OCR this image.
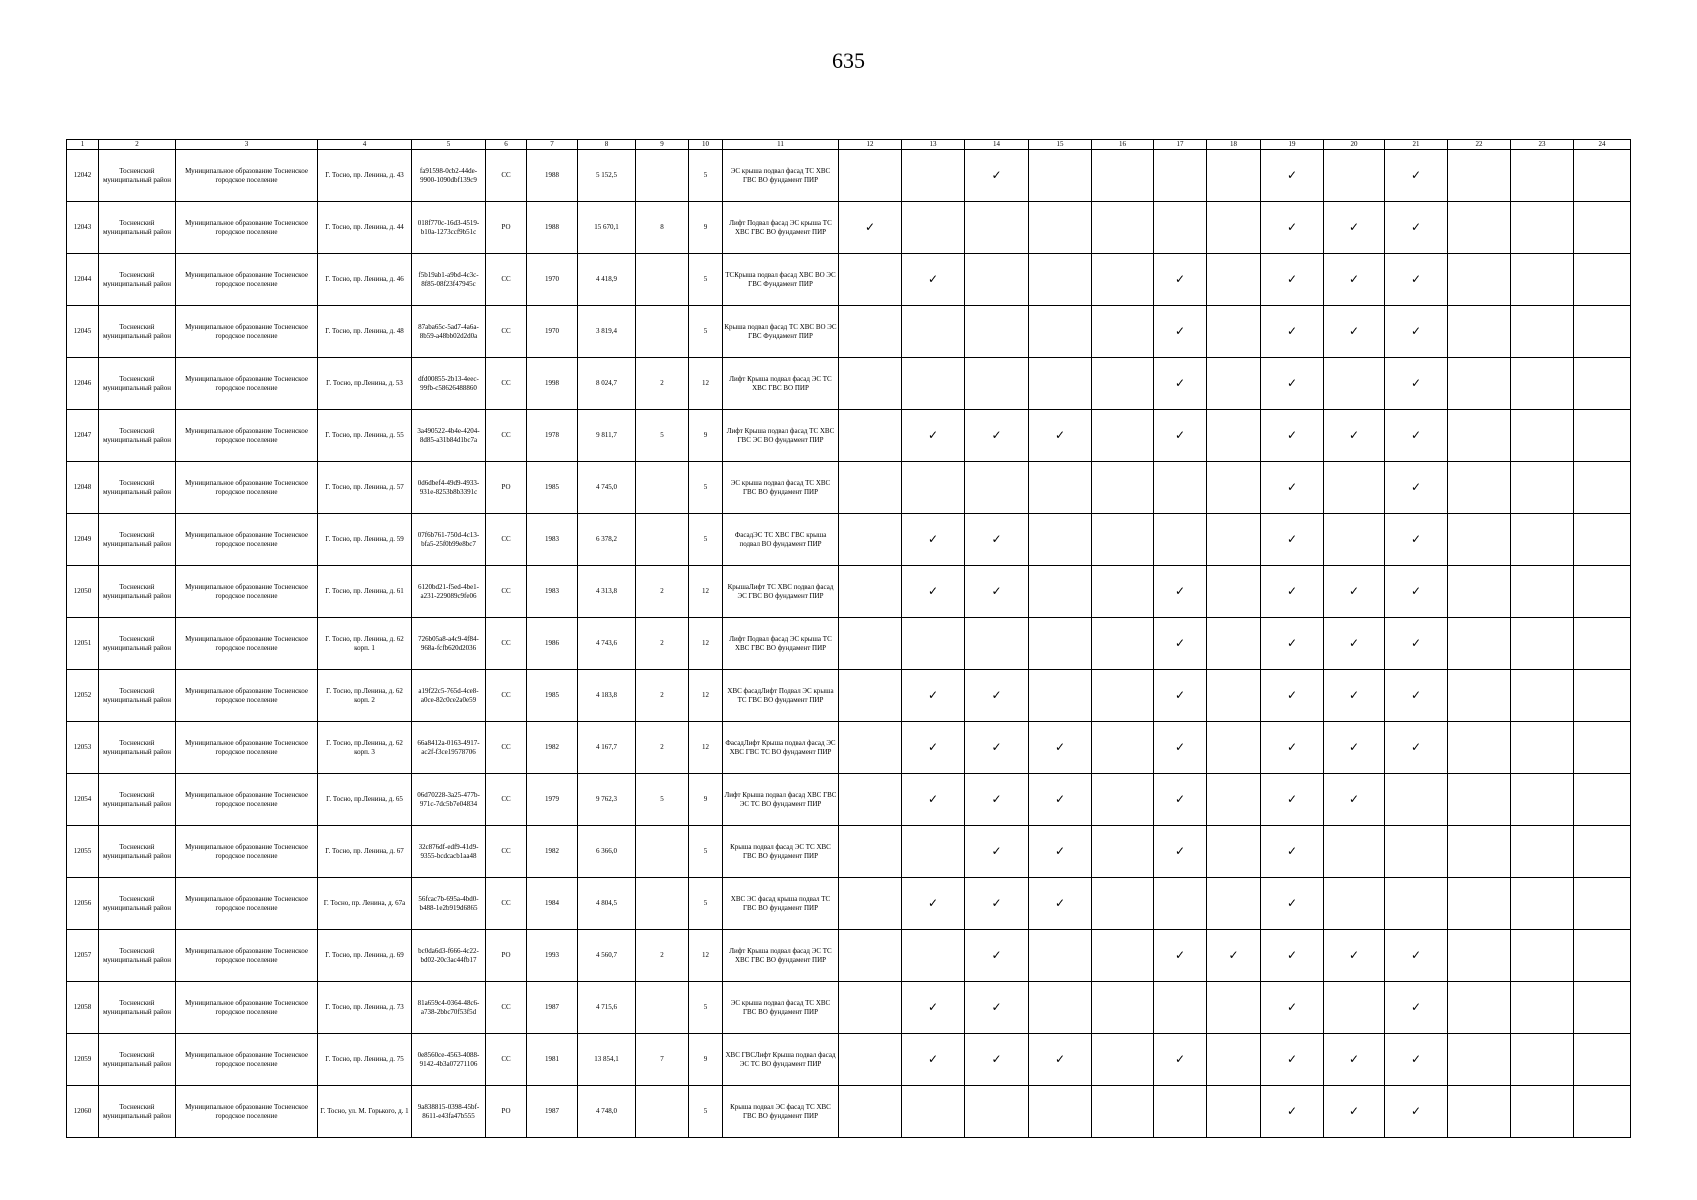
635
1	2	3	4	5	6	7	8	9	10	11	12	13	14	15	16	17	18	19	20	21	22	23	24
12042	Тосненский муниципальный район	Муниципальное образование Тосненское городское поселение	Г. Тосно, пр. Ленина, д. 43	fa91598-0cb2-44de-9900-1090dbf139c9	СС	1988	5 152,5		5	ЭС крыша подвал фасад ТС ХВС ГВС ВО фундамент ПИР			✓					✓		✓			
12043	Тосненский муниципальный район	Муниципальное образование Тосненское городское поселение	Г. Тосно, пр. Ленина, д. 44	018f770c-16d3-4519-b10a-1273ccf9b51c	РО	1988	15 670,1	8	9	Лифт Подвал фасад ЭС крыша ТС ХВС ГВС ВО фундамент ПИР	✓							✓	✓	✓			
12044	Тосненский муниципальный район	Муниципальное образование Тосненское городское поселение	Г. Тосно, пр. Ленина, д. 46	f5b19ab1-a9bd-4c3c-8f85-08f23f47945c	СС	1970	4 418,9		5	ТСКрыша подвал фасад ХВС ВО ЭС ГВС Фундамент ПИР		✓				✓		✓	✓	✓			
12045	Тосненский муниципальный район	Муниципальное образование Тосненское городское поселение	Г. Тосно, пр. Ленина, д. 48	87aba65c-5ad7-4a6a-8b59-a48bb02d2d0a	СС	1970	3 819,4		5	Крыша подвал фасад ТС ХВС ВО ЭС ГВС Фундамент ПИР						✓		✓	✓	✓			
12046	Тосненский муниципальный район	Муниципальное образование Тосненское городское поселение	Г. Тосно, пр.Ленина, д. 53	dfd00855-2b13-4eec-99fb-c58626488860	СС	1998	8 024,7	2	12	Лифт Крыша подвал фасад ЭС ТС ХВС ГВС ВО ПИР						✓		✓		✓			
12047	Тосненский муниципальный район	Муниципальное образование Тосненское городское поселение	Г. Тосно, пр. Ленина, д. 55	3a490522-4b4e-4204-8d85-a31b84d1bc7a	СС	1978	9 811,7	5	9	Лифт Крыша подвал фасад ТС ХВС ГВС ЭС ВО фундамент ПИР		✓	✓	✓		✓		✓	✓	✓			
12048	Тосненский муниципальный район	Муниципальное образование Тосненское городское поселение	Г. Тосно, пр. Ленина, д. 57	0d6dbef4-49d9-4933-931e-8253b8b3391c	РО	1985	4 745,0		5	ЭС крыша подвал фасад ТС ХВС ГВС ВО фундамент ПИР								✓		✓			
12049	Тосненский муниципальный район	Муниципальное образование Тосненское городское поселение	Г. Тосно, пр. Ленина, д. 59	07f6b761-750d-4c13-bfa5-25f0b99e8bc7	СС	1983	6 378,2		5	ФасадЭС ТС ХВС ГВС крыша подвал ВО фундамент ПИР		✓	✓					✓		✓			
12050	Тосненский муниципальный район	Муниципальное образование Тосненское городское поселение	Г. Тосно, пр. Ленина, д. 61	6120bd21-f5ed-4be1-a231-229089c9fe06	СС	1983	4 313,8	2	12	КрышаЛифт ТС ХВС подвал фасад ЭС ГВС ВО фундамент ПИР		✓	✓			✓		✓	✓	✓			
12051	Тосненский муниципальный район	Муниципальное образование Тосненское городское поселение	Г. Тосно, пр. Ленина, д. 62 корп. 1	726b05a8-a4c9-4f84-968a-fcfb620d2036	СС	1986	4 743,6	2	12	Лифт Подвал фасад ЭС крыша ТС ХВС ГВС ВО фундамент ПИР						✓		✓	✓	✓			
12052	Тосненский муниципальный район	Муниципальное образование Тосненское городское поселение	Г. Тосно, пр.Ленина, д. 62 корп. 2	a19f22c5-765d-4ce8-a0ce-82c0ce2a0e59	СС	1985	4 183,8	2	12	ХВС фасадЛифт Подвал ЭС крыша ТС ГВС ВО фундамент ПИР		✓	✓			✓		✓	✓	✓			
12053	Тосненский муниципальный район	Муниципальное образование Тосненское городское поселение	Г. Тосно, пр.Ленина, д. 62 корп. 3	66a8412a-0163-4917-ac2f-f3ce19578706	СС	1982	4 167,7	2	12	ФасадЛифт Крыша подвал фасад ЭС ХВС ГВС ТС ВО фундамент ПИР		✓	✓	✓		✓		✓	✓	✓			
12054	Тосненский муниципальный район	Муниципальное образование Тосненское городское поселение	Г. Тосно, пр.Ленина, д. 65	06d70228-3a25-477b-971c-7dc5b7e04834	СС	1979	9 762,3	5	9	Лифт Крыша подвал фасад ХВС ГВС ЭС ТС ВО фундамент ПИР		✓	✓	✓		✓		✓	✓				
12055	Тосненский муниципальный район	Муниципальное образование Тосненское городское поселение	Г. Тосно, пр. Ленина, д. 67	32c876df-edf9-41d9-9355-bcdcacb1aa48	СС	1982	6 366,0		5	Крыша подвал фасад ЭС ТС ХВС ГВС ВО фундамент ПИР			✓	✓		✓		✓					
12056	Тосненский муниципальный район	Муниципальное образование Тосненское городское поселение	Г. Тосно, пр. Ленина, д. 67а	56fcac7b-695a-4bd0-b488-1e2b919d6865	СС	1984	4 804,5		5	ХВС ЭС фасад крыша подвал ТС ГВС ВО фундамент ПИР		✓	✓	✓				✓					
12057	Тосненский муниципальный район	Муниципальное образование Тосненское городское поселение	Г. Тосно, пр. Ленина, д. 69	bc0da6d3-f666-4c22-bd02-20c3ac44fb17	РО	1993	4 560,7	2	12	Лифт Крыша подвал фасад ЭС ТС ХВС ГВС ВО фундамент ПИР			✓			✓	✓	✓	✓	✓			
12058	Тосненский муниципальный район	Муниципальное образование Тосненское городское поселение	Г. Тосно, пр. Ленина, д. 73	81a659c4-0364-48c6-a738-2bbc70f53f5d	СС	1987	4 715,6		5	ЭС крыша подвал фасад ТС ХВС ГВС ВО фундамент ПИР		✓	✓					✓		✓			
12059	Тосненский муниципальный район	Муниципальное образование Тосненское городское поселение	Г. Тосно, пр. Ленина, д. 75	0e8560ce-4563-4088-9142-4b3a07271106	СС	1981	13 854,1	7	9	ХВС ГВСЛифт Крыша подвал фасад ЭС ТС ВО фундамент ПИР		✓	✓	✓		✓		✓	✓	✓			
12060	Тосненский муниципальный район	Муниципальное образование Тосненское городское поселение	Г. Тосно, ул. М. Горького, д. 1	9a838815-0398-45bf-8611-e43fa47b555	РО	1987	4 748,0		5	Крыша подвал ЭС фасад ТС ХВС ГВС ВО фундамент ПИР								✓	✓	✓			
